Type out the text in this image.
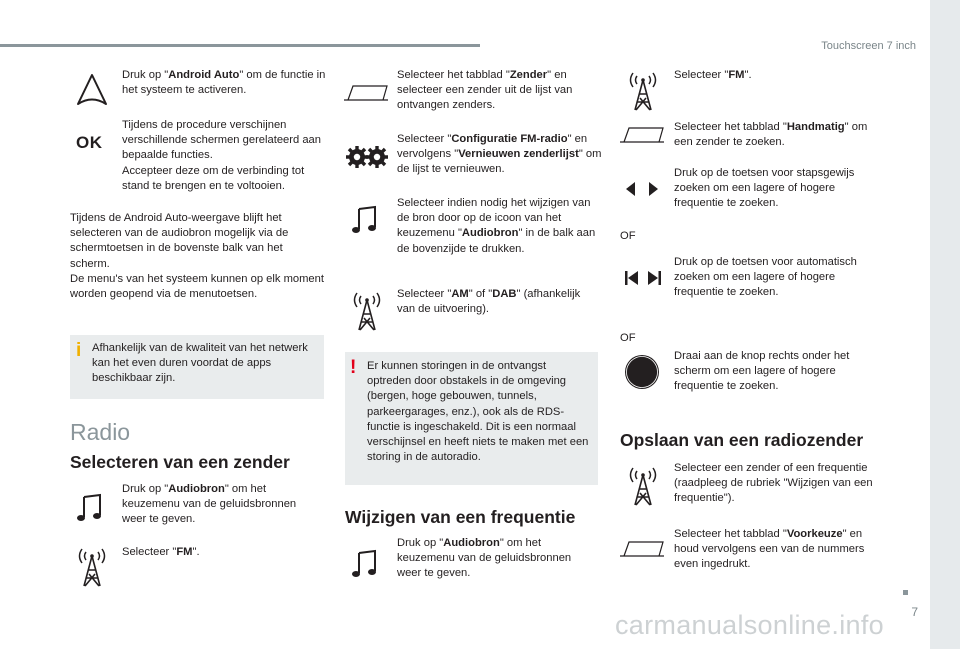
Touchscreen 7 inch
Druk op "Android Auto" om de functie in het systeem te activeren.
OK
Tijdens de procedure verschijnen verschillende schermen gerelateerd aan bepaalde functies.
Accepteer deze om de verbinding tot stand te brengen en te voltooien.
Tijdens de Android Auto-weergave blijft het selecteren van de audiobron mogelijk via de schermtoetsen in de bovenste balk van het scherm.
De menu's van het systeem kunnen op elk moment worden geopend via de menutoetsen.
i Afhankelijk van de kwaliteit van het netwerk kan het even duren voordat de apps beschikbaar zijn.
Radio
Selecteren van een zender
Druk op "Audiobron" om het keuzemenu van de geluidsbronnen weer te geven.
Selecteer "FM".
Selecteer het tabblad "Zender" en selecteer een zender uit de lijst van ontvangen zenders.
Selecteer "Configuratie FM-radio" en vervolgens "Vernieuwen zenderlijst" om de lijst te vernieuwen.
Selecteer indien nodig het wijzigen van de bron door op de icoon van het keuzemenu "Audiobron" in de balk aan de bovenzijde te drukken.
Selecteer "AM" of "DAB" (afhankelijk van de uitvoering).
! Er kunnen storingen in de ontvangst optreden door obstakels in de omgeving (bergen, hoge gebouwen, tunnels, parkeergarages, enz.), ook als de RDS-functie is ingeschakeld. Dit is een normaal verschijnsel en heeft niets te maken met een storing in de autoradio.
Wijzigen van een frequentie
Druk op "Audiobron" om het keuzemenu van de geluidsbronnen weer te geven.
Selecteer "FM".
Selecteer het tabblad "Handmatig" om een zender te zoeken.
Druk op de toetsen voor stapsgewijs zoeken om een lagere of hogere frequentie te zoeken.
OF
Druk op de toetsen voor automatisch zoeken om een lagere of hogere frequentie te zoeken.
OF
Draai aan de knop rechts onder het scherm om een lagere of hogere frequentie te zoeken.
Opslaan van een radiozender
Selecteer een zender of een frequentie (raadpleeg de rubriek "Wijzigen van een frequentie").
Selecteer het tabblad "Voorkeuze" en houd vervolgens een van de nummers even ingedrukt.
7
carmanualsonline.info
